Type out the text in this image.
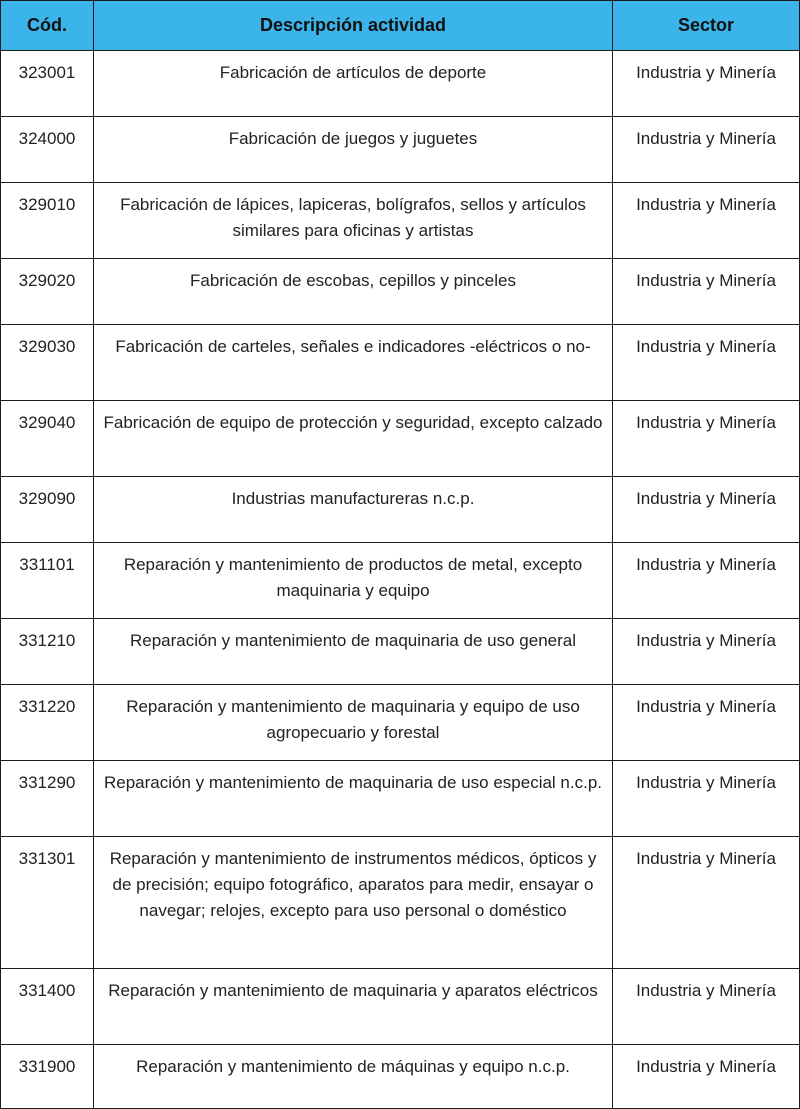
Cód.	Descripción actividad	Sector
323001	Fabricación de artículos de deporte	Industria y Minería
324000	Fabricación de juegos y juguetes	Industria y Minería
329010	Fabricación de lápices, lapiceras, bolígrafos, sellos y artículos similares para oficinas y artistas	Industria y Minería
329020	Fabricación de escobas, cepillos y pinceles	Industria y Minería
329030	Fabricación de carteles, señales e indicadores -eléctricos o no-	Industria y Minería
329040	Fabricación de equipo de protección y seguridad, excepto calzado	Industria y Minería
329090	Industrias manufactureras n.c.p.	Industria y Minería
331101	Reparación y mantenimiento de productos de metal, excepto maquinaria y equipo	Industria y Minería
331210	Reparación y mantenimiento de maquinaria de uso general	Industria y Minería
331220	Reparación y mantenimiento de maquinaria y equipo de uso agropecuario y forestal	Industria y Minería
331290	Reparación y mantenimiento de maquinaria de uso especial n.c.p.	Industria y Minería
331301	Reparación y mantenimiento de instrumentos médicos, ópticos y de precisión; equipo fotográfico, aparatos para medir, ensayar o navegar; relojes, excepto para uso personal o doméstico	Industria y Minería
331400	Reparación y mantenimiento de maquinaria y aparatos eléctricos	Industria y Minería
331900	Reparación y mantenimiento de máquinas y equipo n.c.p.	Industria y Minería
